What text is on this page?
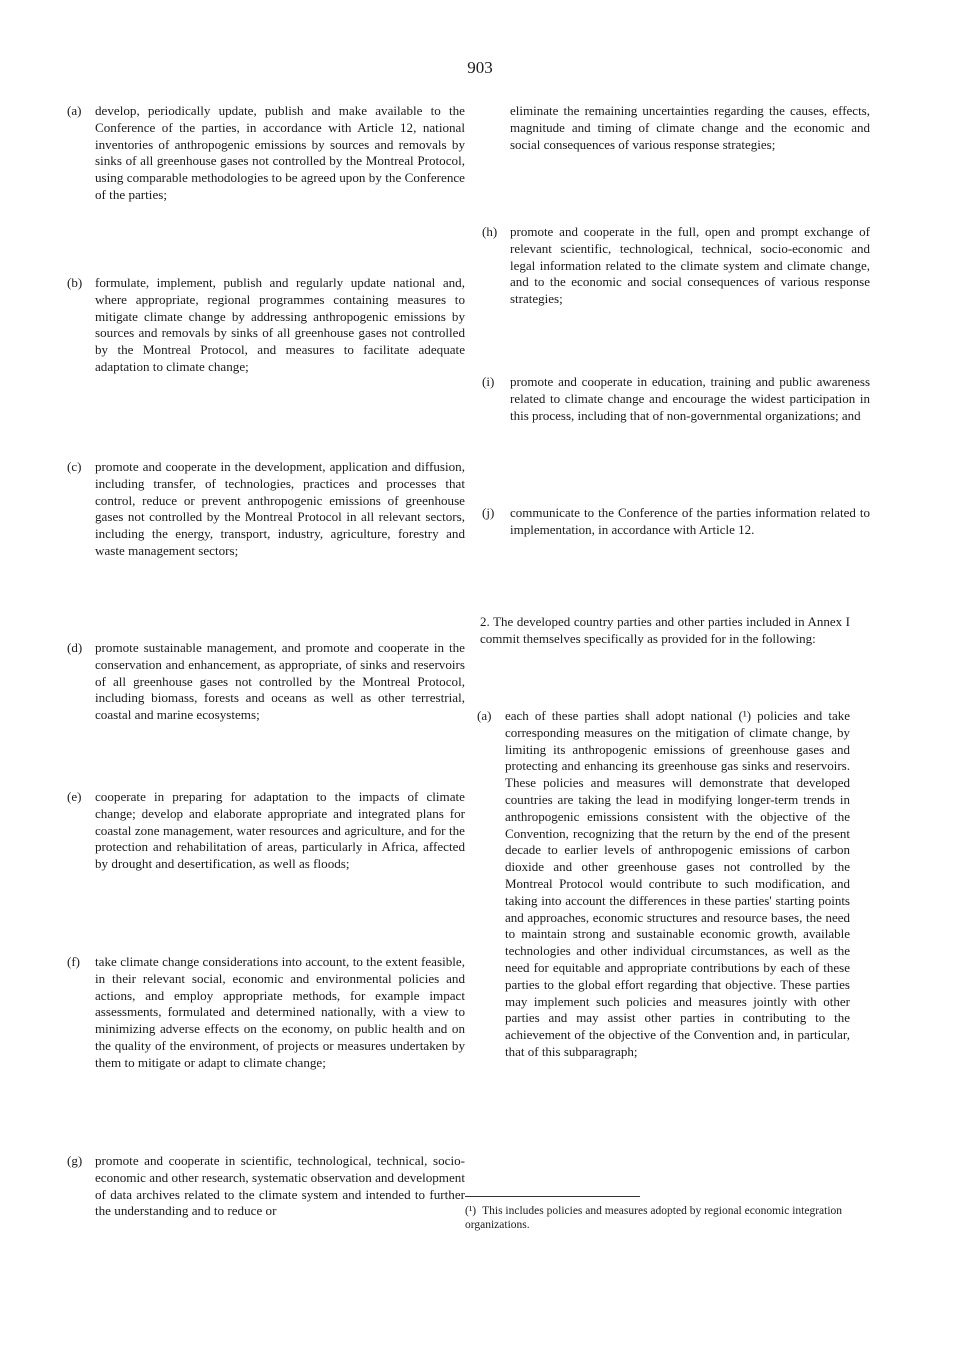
903
(a) develop, periodically update, publish and make available to the Conference of the parties, in accordance with Article 12, national inventories of anthropogenic emissions by sources and removals by sinks of all greenhouse gases not controlled by the Montreal Protocol, using comparable methodologies to be agreed upon by the Conference of the parties;

(b) formulate, implement, publish and regularly update national and, where appropriate, regional programmes containing measures to mitigate climate change by addressing anthropogenic emissions by sources and removals by sinks of all greenhouse gases not controlled by the Montreal Protocol, and measures to facilitate adequate adaptation to climate change;

(c) promote and cooperate in the development, application and diffusion, including transfer, of technologies, practices and processes that control, reduce or prevent anthropogenic emissions of greenhouse gases not controlled by the Montreal Protocol in all relevant sectors, including the energy, transport, industry, agriculture, forestry and waste management sectors;

(d) promote sustainable management, and promote and cooperate in the conservation and enhancement, as appropriate, of sinks and reservoirs of all greenhouse gases not controlled by the Montreal Protocol, including biomass, forests and oceans as well as other terrestrial, coastal and marine ecosystems;

(e) cooperate in preparing for adaptation to the impacts of climate change; develop and elaborate appropriate and integrated plans for coastal zone management, water resources and agriculture, and for the protection and rehabilitation of areas, particularly in Africa, affected by drought and desertification, as well as floods;

(f) take climate change considerations into account, to the extent feasible, in their relevant social, economic and environmental policies and actions, and employ appropriate methods, for example impact assessments, formulated and determined nationally, with a view to minimizing adverse effects on the economy, on public health and on the quality of the environment, of projects or measures undertaken by them to mitigate or adapt to climate change;

(g) promote and cooperate in scientific, technological, technical, socio-economic and other research, systematic observation and development of data archives related to the climate system and intended to further the understanding and to reduce or

eliminate the remaining uncertainties regarding the causes, effects, magnitude and timing of climate change and the economic and social consequences of various response strategies;

(h) promote and cooperate in the full, open and prompt exchange of relevant scientific, technological, technical, socio-economic and legal information related to the climate system and climate change, and to the economic and social consequences of various response strategies;

(i) promote and cooperate in education, training and public awareness related to climate change and encourage the widest participation in this process, including that of non-governmental organizations; and

(j) communicate to the Conference of the parties information related to implementation, in accordance with Article 12.

2. The developed country parties and other parties included in Annex I commit themselves specifically as provided for in the following:

(a) each of these parties shall adopt national (¹) policies and take corresponding measures on the mitigation of climate change, by limiting its anthropogenic emissions of greenhouse gases and protecting and enhancing its greenhouse gas sinks and reservoirs. These policies and measures will demonstrate that developed countries are taking the lead in modifying longer-term trends in anthropogenic emissions consistent with the objective of the Convention, recognizing that the return by the end of the present decade to earlier levels of anthropogenic emissions of carbon dioxide and other greenhouse gases not controlled by the Montreal Protocol would contribute to such modification, and taking into account the differences in these parties' starting points and approaches, economic structures and resource bases, the need to maintain strong and sustainable economic growth, available technologies and other individual circumstances, as well as the need for equitable and appropriate contributions by each of these parties to the global effort regarding that objective. These parties may implement such policies and measures jointly with other parties and may assist other parties in contributing to the achievement of the objective of the Convention and, in particular, that of this subparagraph;

(¹) This includes policies and measures adopted by regional economic integration organizations.
